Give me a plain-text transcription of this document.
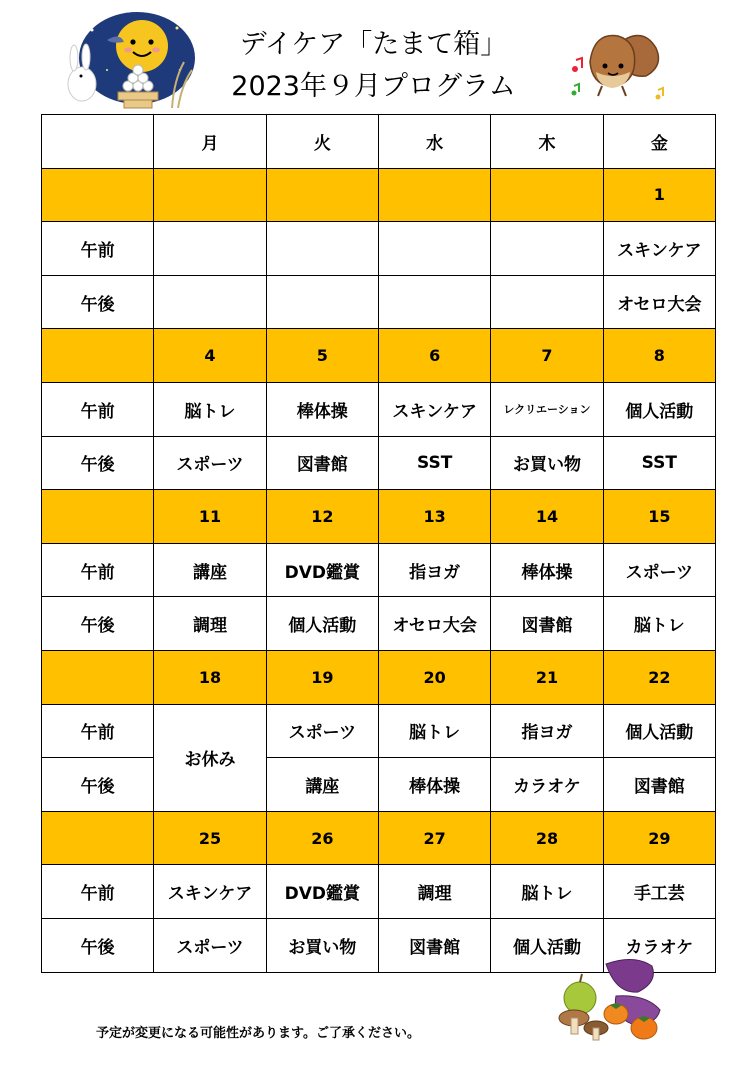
デイケア「たまて箱」
2023年９月プログラム
	月	火	水	木	金
					1
午前					スキンケア
午後					オセロ大会
	4	5	6	7	8
午前	脳トレ	棒体操	スキンケア	レクリエーション	個人活動
午後	スポーツ	図書館	SST	お買い物	SST
	11	12	13	14	15
午前	講座	DVD鑑賞	指ヨガ	棒体操	スポーツ
午後	調理	個人活動	オセロ大会	図書館	脳トレ
	18	19	20	21	22
午前	お休み	スポーツ	脳トレ	指ヨガ	個人活動
午後		講座	棒体操	カラオケ	図書館
	25	26	27	28	29
午前	スキンケア	DVD鑑賞	調理	脳トレ	手工芸
午後	スポーツ	お買い物	図書館	個人活動	カラオケ
予定が変更になる可能性があります。ご了承ください。
